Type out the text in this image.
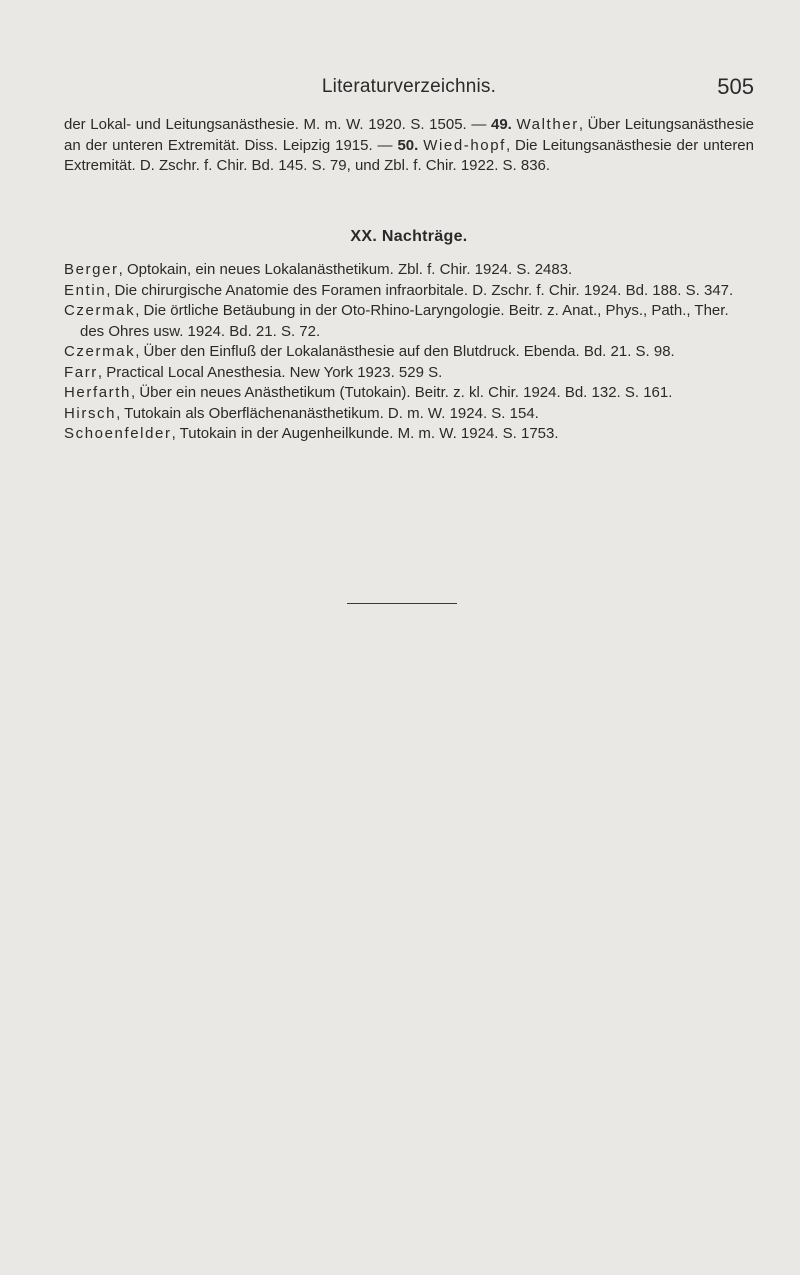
Literaturverzeichnis.	505

der Lokal- und Leitungsanästhesie. M. m. W. 1920. S. 1505. — 49. Walther, Über Leitungsanästhesie an der unteren Extremität. Diss. Leipzig 1915. — 50. Wied-hopf, Die Leitungsanästhesie der unteren Extremität. D. Zschr. f. Chir. Bd. 145. S. 79, und Zbl. f. Chir. 1922. S. 836.

XX. Nachträge.

Berger, Optokain, ein neues Lokalanästhetikum. Zbl. f. Chir. 1924. S. 2483.

Entin, Die chirurgische Anatomie des Foramen infraorbitale. D. Zschr. f. Chir. 1924. Bd. 188. S. 347.

Czermak, Die örtliche Betäubung in der Oto-Rhino-Laryngologie. Beitr. z. Anat., Phys., Path., Ther. des Ohres usw. 1924. Bd. 21. S. 72.

Czermak, Über den Einfluß der Lokalanästhesie auf den Blutdruck. Ebenda. Bd. 21. S. 98.

Farr, Practical Local Anesthesia. New York 1923. 529 S.

Herfarth, Über ein neues Anästhetikum (Tutokain). Beitr. z. kl. Chir. 1924. Bd. 132. S. 161.

Hirsch, Tutokain als Oberflächenanästhetikum. D. m. W. 1924. S. 154.

Schoenfelder, Tutokain in der Augenheilkunde. M. m. W. 1924. S. 1753.
